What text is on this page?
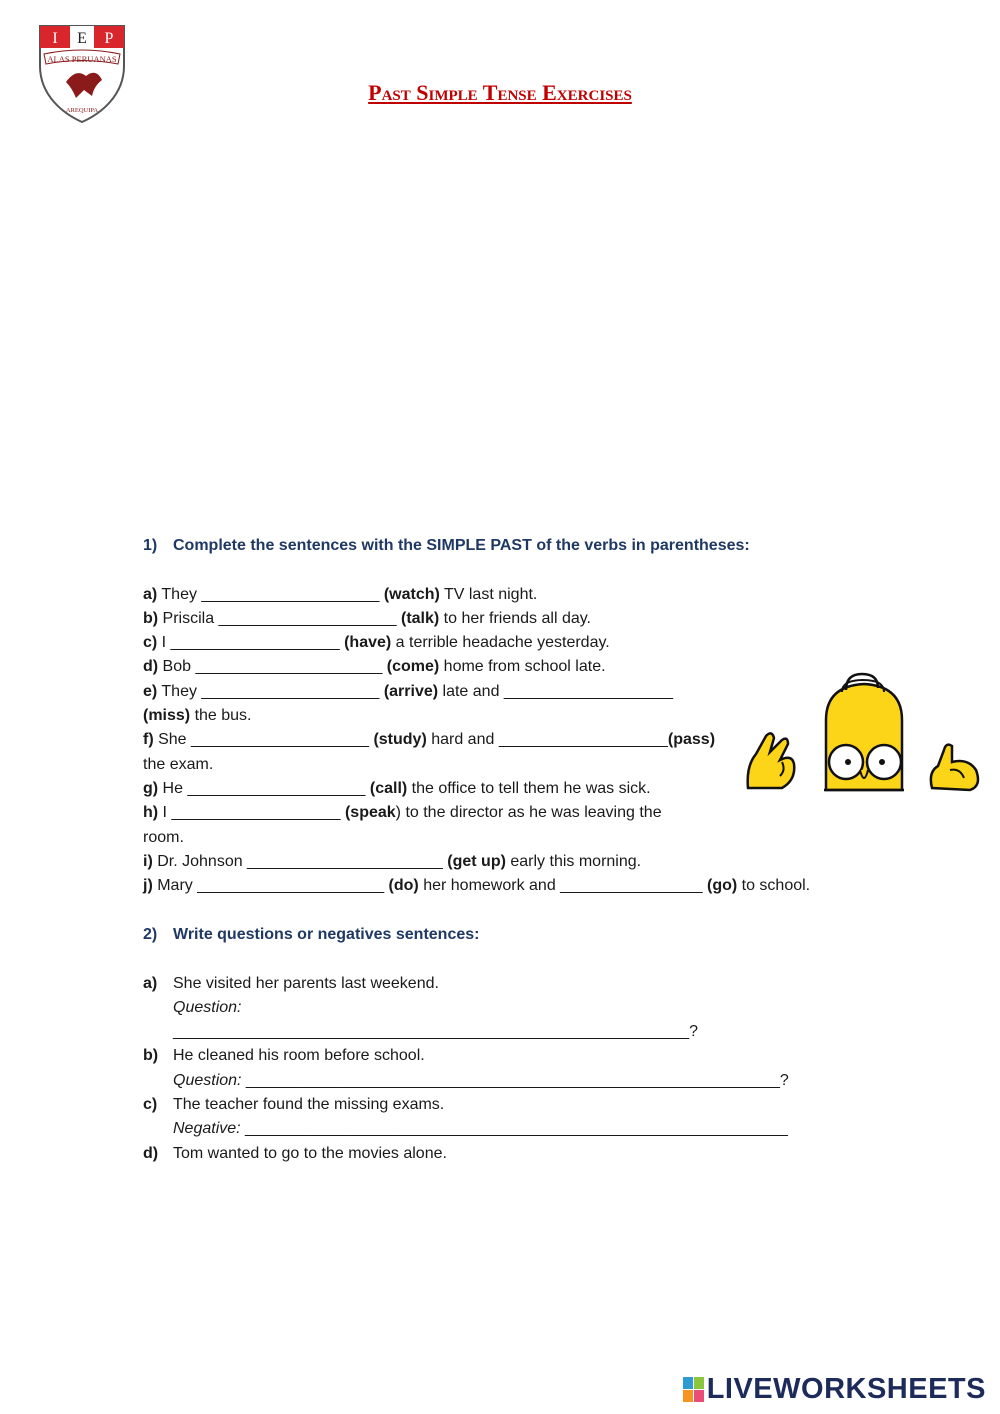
I E P
ALAS PERUANAS
AREQUIPA
Past Simple Tense Exercises
1) Complete the sentences with the SIMPLE PAST of the verbs in parentheses:
a) They ____________________ (watch) TV last night.
b) Priscila ____________________ (talk) to her friends all day.
c) I ___________________ (have) a terrible headache yesterday.
d) Bob _____________________ (come) home from school late.
e) They ____________________ (arrive) late and ___________________
(miss) the bus.
f) She ____________________ (study) hard and ___________________(pass)
the exam.
g) He ____________________ (call) the office to tell them he was sick.
h) I ___________________ (speak) to the director as he was leaving the
room.
i) Dr. Johnson ______________________ (get up) early this morning.
j) Mary _____________________ (do) her homework and ________________ (go) to school.
2) Write questions or negatives sentences:
a) She visited her parents last weekend.
Question:
__________________________________________________________?
b) He cleaned his room before school.
Question: ____________________________________________________________?
c) The teacher found the missing exams.
Negative: _____________________________________________________________
d) Tom wanted to go to the movies alone.
LIVEWORKSHEETS
